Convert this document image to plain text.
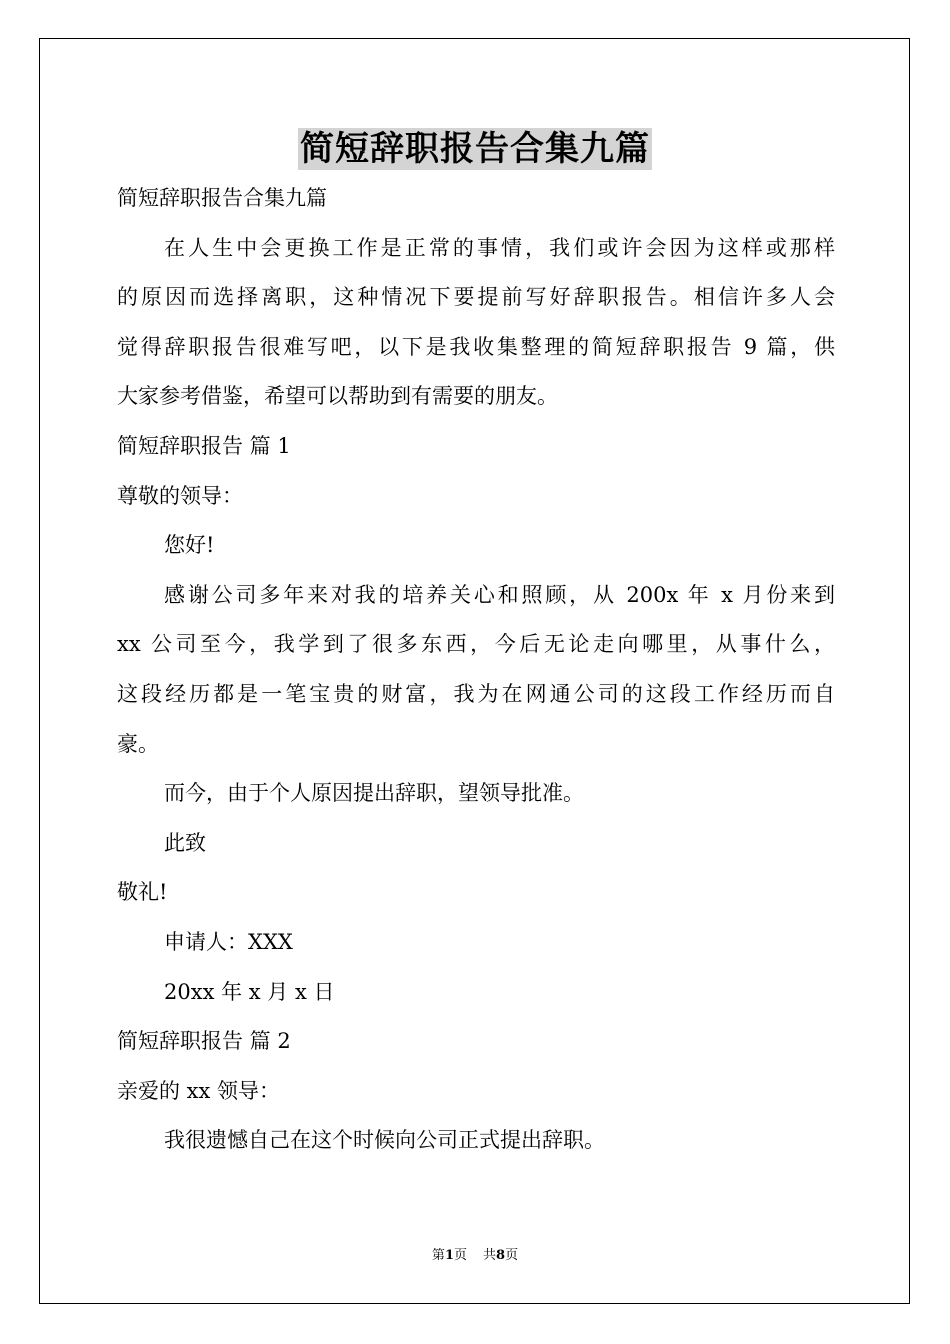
简短辞职报告合集九篇
简短辞职报告合集九篇
在人生中会更换工作是正常的事情，我们或许会因为这样或那样
的原因而选择离职，这种情况下要提前写好辞职报告。相信许多人会
觉得辞职报告很难写吧，以下是我收集整理的简短辞职报告 9 篇，供
大家参考借鉴，希望可以帮助到有需要的朋友。
简短辞职报告 篇 1
尊敬的领导：
您好!
感谢公司多年来对我的培养关心和照顾，从 200x 年 x 月份来到
xx 公司至今，我学到了很多东西，今后无论走向哪里，从事什么，
这段经历都是一笔宝贵的财富，我为在网通公司的这段工作经历而自
豪。
而今，由于个人原因提出辞职，望领导批准。
此致
敬礼!
申请人：XXX
20xx 年 x 月 x 日
简短辞职报告 篇 2
亲爱的 xx 领导：
我很遗憾自己在这个时候向公司正式提出辞职。
第1页 共8页
